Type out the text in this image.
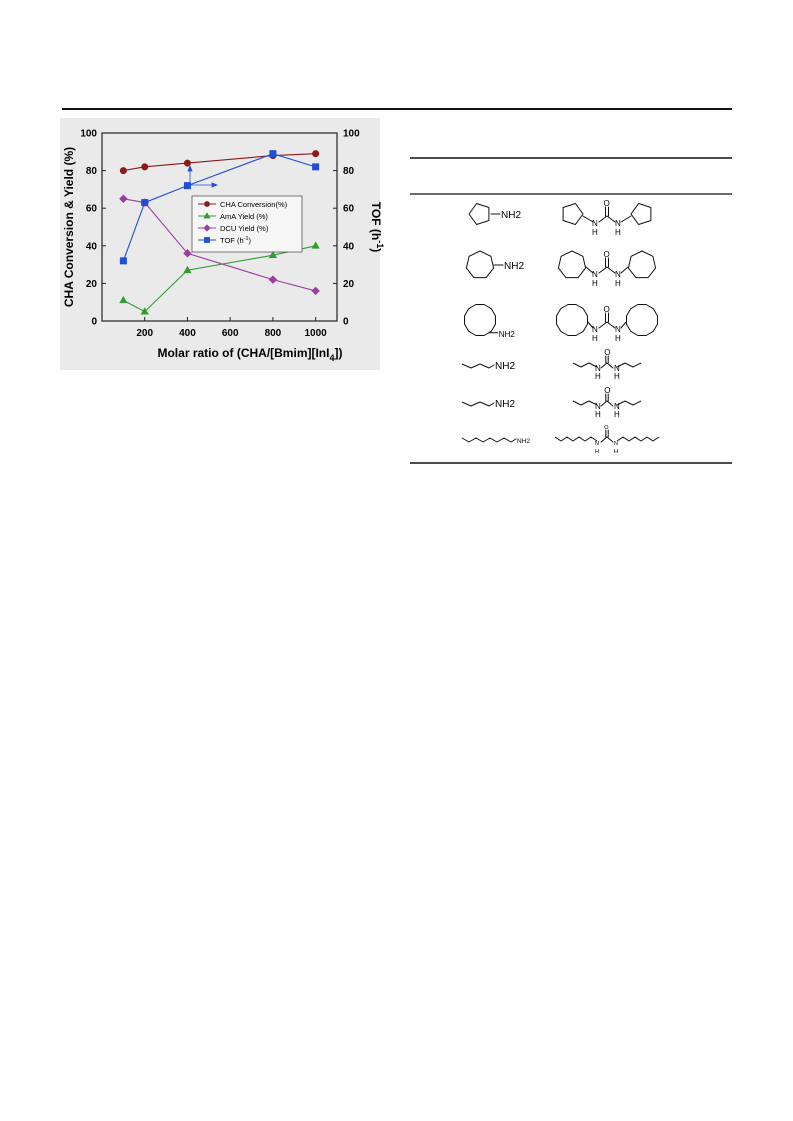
200	400	600	800 1000
0
20
40
60
80
100
0
20
40
60
80
100
CHA Conversion & Yield (%)	TOF $(h^{-1})$
Molar ratio of (CHA/[Bmim][InI$_4$])
CHA Conversion(%)
AmA Yield (%)
DCU Yield (%)
TOF $(h^{-1})$
NH2
O
N N
H H
NH2
O
N N
H H
NH2
O
N N
H H
NH2
O
N N
H H
NH2
O
N N
H H
NH2
O
N	N
H	H
